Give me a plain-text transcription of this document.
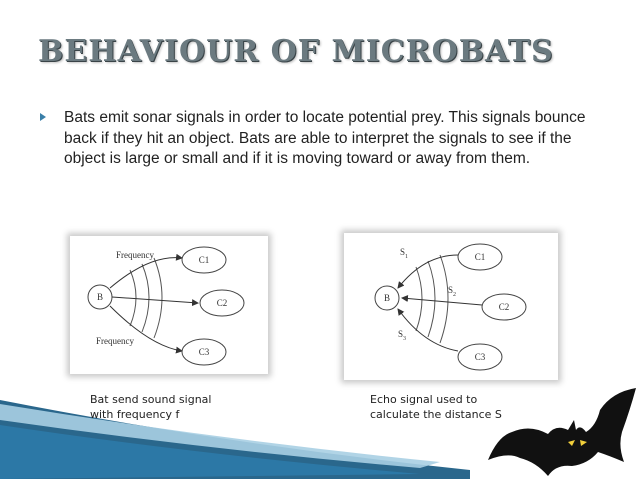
BEHAVIOUR OF MICROBATS
Bats emit sonar signals in order to locate potential prey. This signals bounce back if they hit an object. Bats are able to interpret the signals to see if the object is large or small and if it is moving toward or away from them.
B
Frequency
Frequency
C1
C2
C3
B
$S_1$
$S_2$
$S_3$
C1
C2
C3
Bat send sound signal
with frequency f
Echo signal used to
calculate the distance S
